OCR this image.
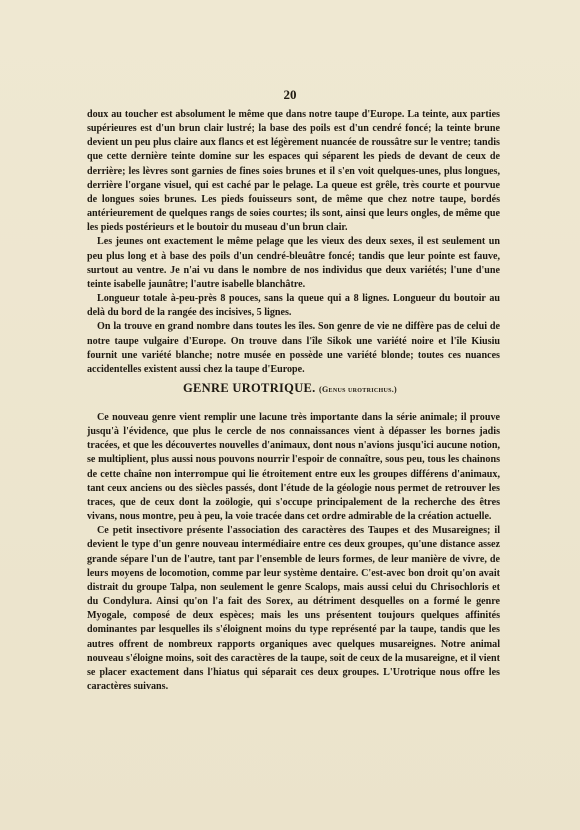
20

doux au toucher est absolument le même que dans notre taupe d'Europe. La teinte, aux parties supérieures est d'un brun clair lustré; la base des poils est d'un cendré foncé; la teinte brune devient un peu plus claire aux flancs et est légèrement nuancée de roussâtre sur le ventre; tandis que cette dernière teinte domine sur les espaces qui séparent les pieds de devant de ceux de derrière; les lèvres sont garnies de fines soies brunes et il s'en voit quelques-unes, plus longues, derrière l'organe visuel, qui est caché par le pelage. La queue est grêle, très courte et pourvue de longues soies brunes. Les pieds fouisseurs sont, de même que chez notre taupe, bordés antérieurement de quelques rangs de soies courtes; ils sont, ainsi que leurs ongles, de même que les pieds postérieurs et le boutoir du museau d'un brun clair.

Les jeunes ont exactement le même pelage que les vieux des deux sexes, il est seulement un peu plus long et à base des poils d'un cendré-bleuâtre foncé; tandis que leur pointe est fauve, surtout au ventre. Je n'ai vu dans le nombre de nos individus que deux variétés; l'une d'une teinte isabelle jaunâtre; l'autre isabelle blanchâtre.

Longueur totale à-peu-près 8 pouces, sans la queue qui a 8 lignes. Longueur du boutoir au delà du bord de la rangée des incisives, 5 lignes.

On la trouve en grand nombre dans toutes les îles. Son genre de vie ne diffère pas de celui de notre taupe vulgaire d'Europe. On trouve dans l'île Sikok une variété noire et l'île Kiusiu fournit une variété blanche; notre musée en possède une variété blonde; toutes ces nuances accidentelles existent aussi chez la taupe d'Europe.

GENRE UROTRIQUE. (Genus urotrichus.)

Ce nouveau genre vient remplir une lacune très importante dans la série animale; il prouve jusqu'à l'évidence, que plus le cercle de nos connaissances vient à dépasser les bornes jadis tracées, et que les découvertes nouvelles d'animaux, dont nous n'avions jusqu'ici aucune notion, se multiplient, plus aussi nous pouvons nourrir l'espoir de connaître, sous peu, tous les chainons de cette chaîne non interrompue qui lie étroitement entre eux les groupes différens d'animaux, tant ceux anciens ou des siècles passés, dont l'étude de la géologie nous permet de retrouver les traces, que de ceux dont la zoölogie, qui s'occupe principalement de la recherche des êtres vivans, nous montre, peu à peu, la voie tracée dans cet ordre admirable de la création actuelle.

Ce petit insectivore présente l'association des caractères des Taupes et des Musareignes; il devient le type d'un genre nouveau intermédiaire entre ces deux groupes, qu'une distance assez grande sépare l'un de l'autre, tant par l'ensemble de leurs formes, de leur manière de vivre, de leurs moyens de locomotion, comme par leur système dentaire. C'est-avec bon droit qu'on avait distrait du groupe Talpa, non seulement le genre Scalops, mais aussi celui du Chrisochloris et du Condylura. Ainsi qu'on l'a fait des Sorex, au détriment desquelles on a formé le genre Myogale, composé de deux espèces; mais les uns présentent toujours quelques affinités dominantes par lesquelles ils s'éloignent moins du type représenté par la taupe, tandis que les autres offrent de nombreux rapports organiques avec quelques musareignes. Notre animal nouveau s'éloigne moins, soit des caractères de la taupe, soit de ceux de la musareigne, et il vient se placer exactement dans l'hiatus qui séparait ces deux groupes. L'Urotrique nous offre les caractères suivans.
